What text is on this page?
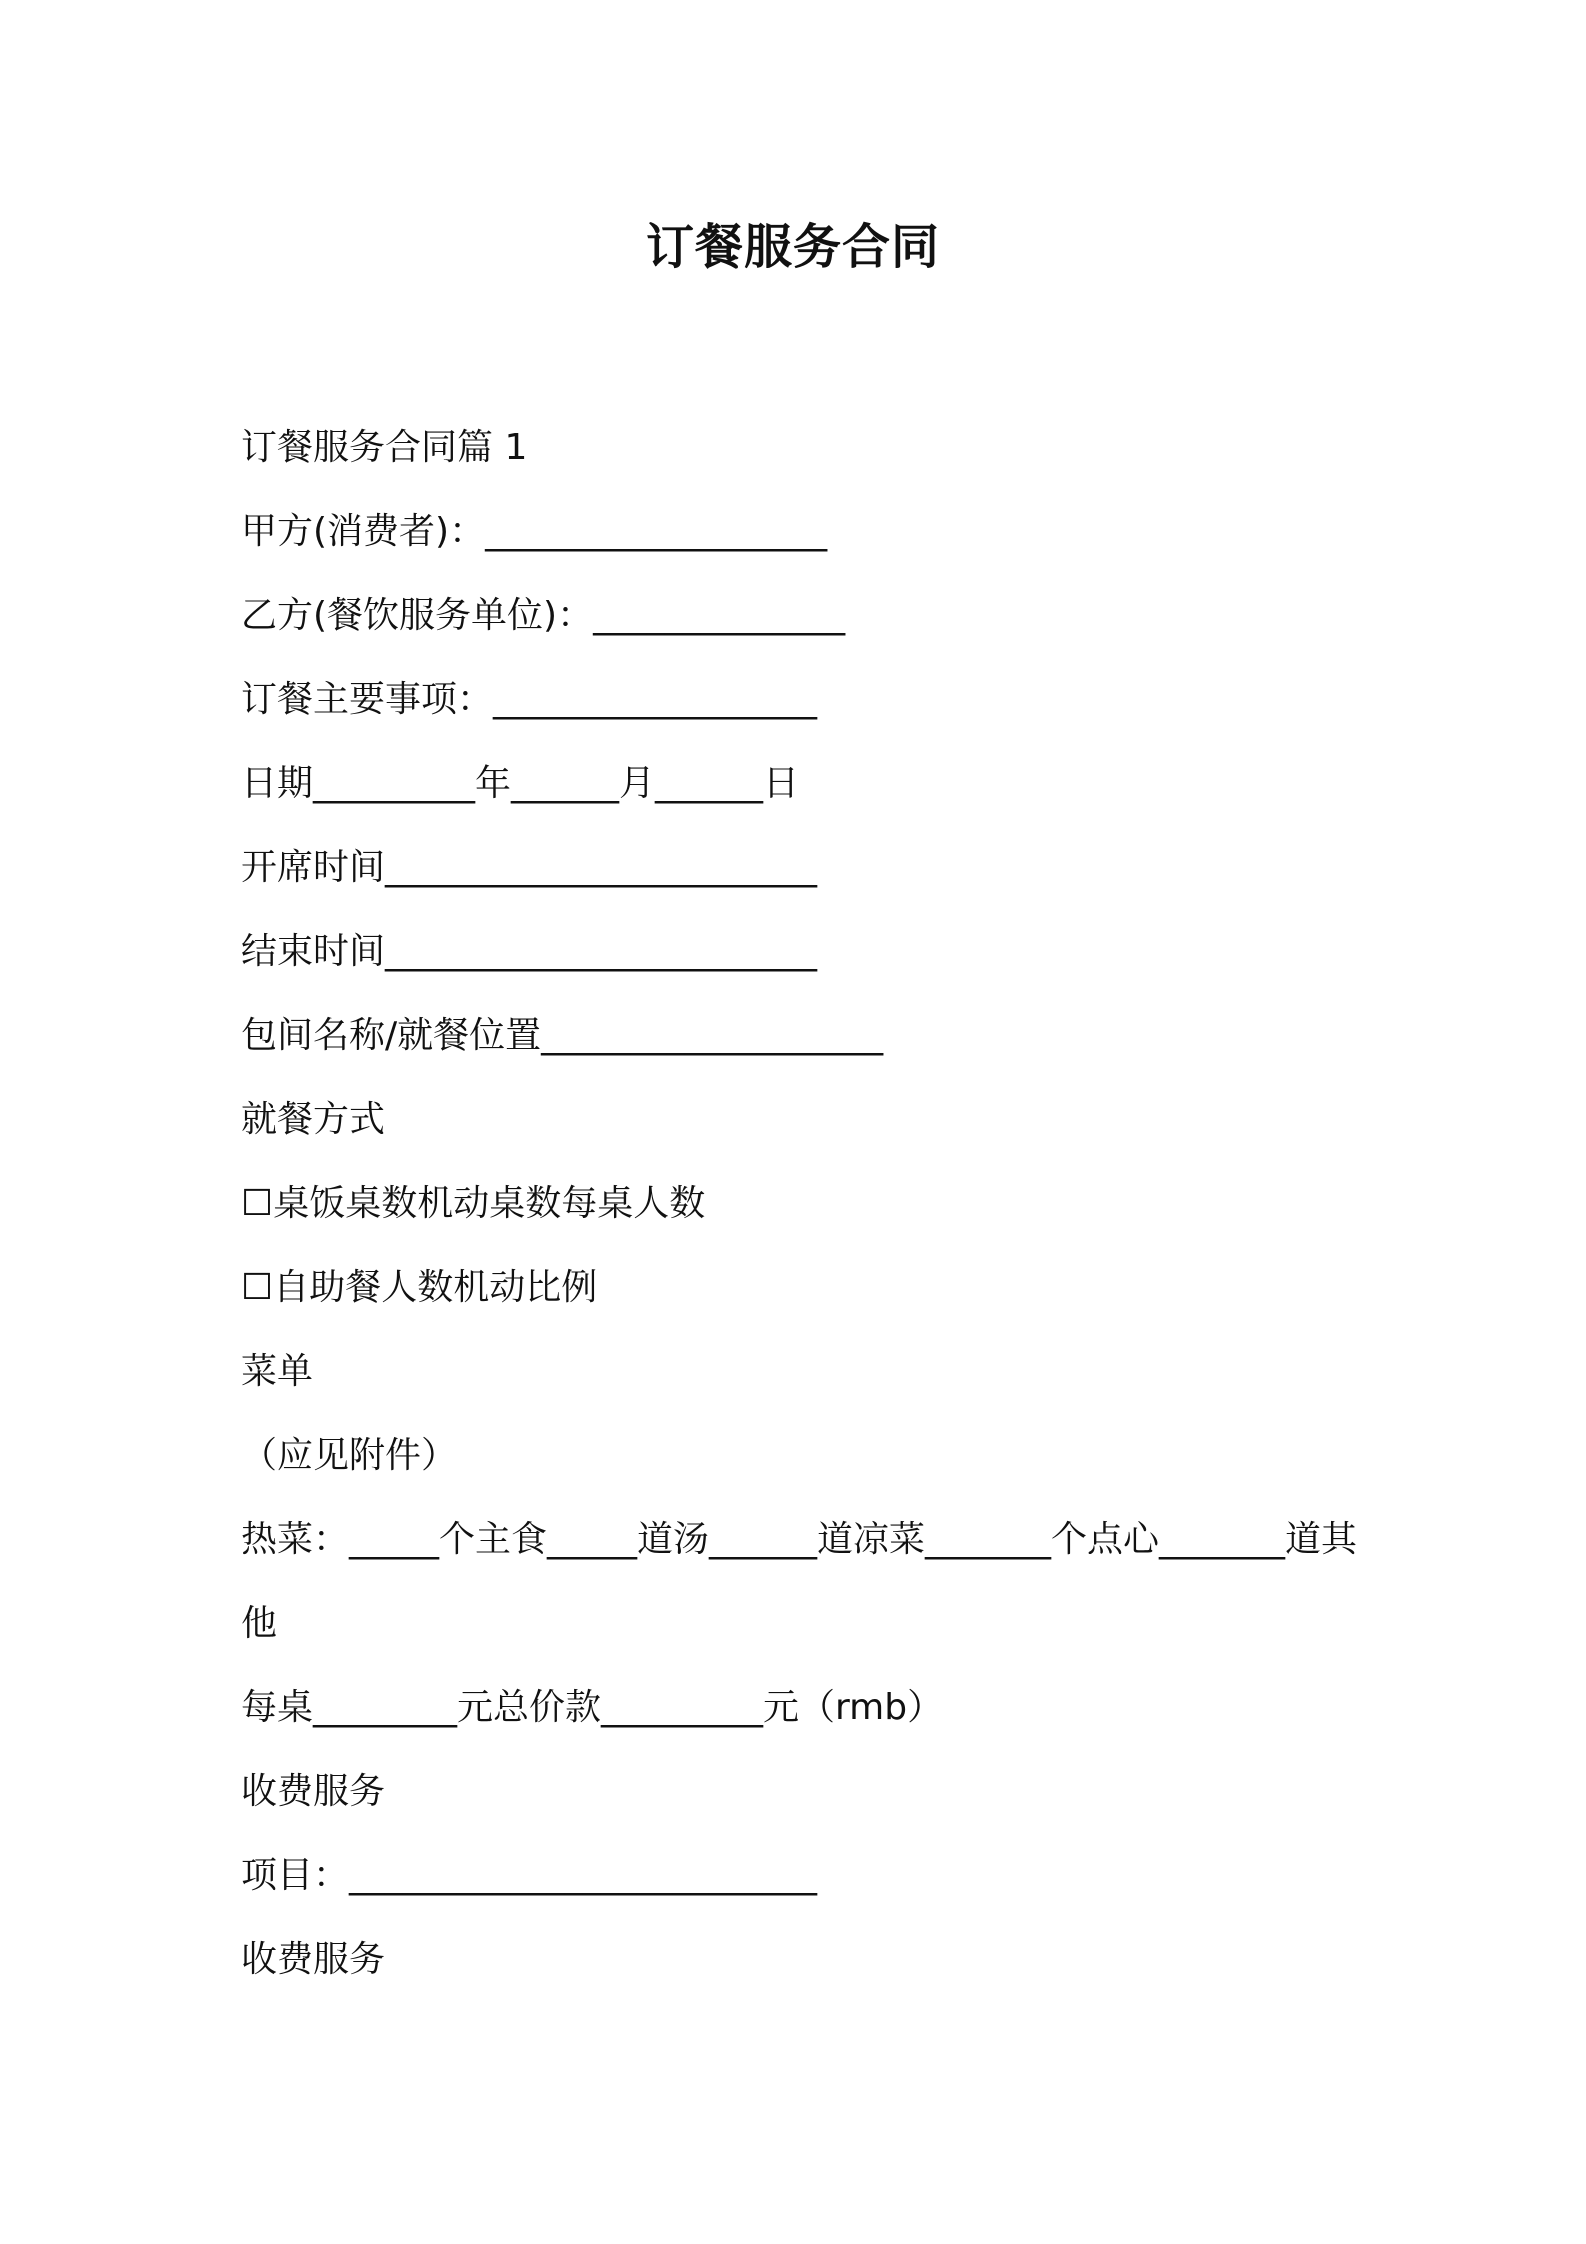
订餐服务合同
订餐服务合同篇 1
甲方(消费者)：___________________
乙方(餐饮服务单位)：______________
订餐主要事项：__________________
日期_________年______月______日
开席时间________________________
结束时间________________________
包间名称/就餐位置___________________
就餐方式
☐桌饭桌数机动桌数每桌人数
☐自助餐人数机动比例
菜单
（应见附件）
热菜：_____个主食_____道汤______道凉菜_______个点心_______道其
他
每桌________元总价款_________元（rmb）
收费服务
项目：__________________________
收费服务
